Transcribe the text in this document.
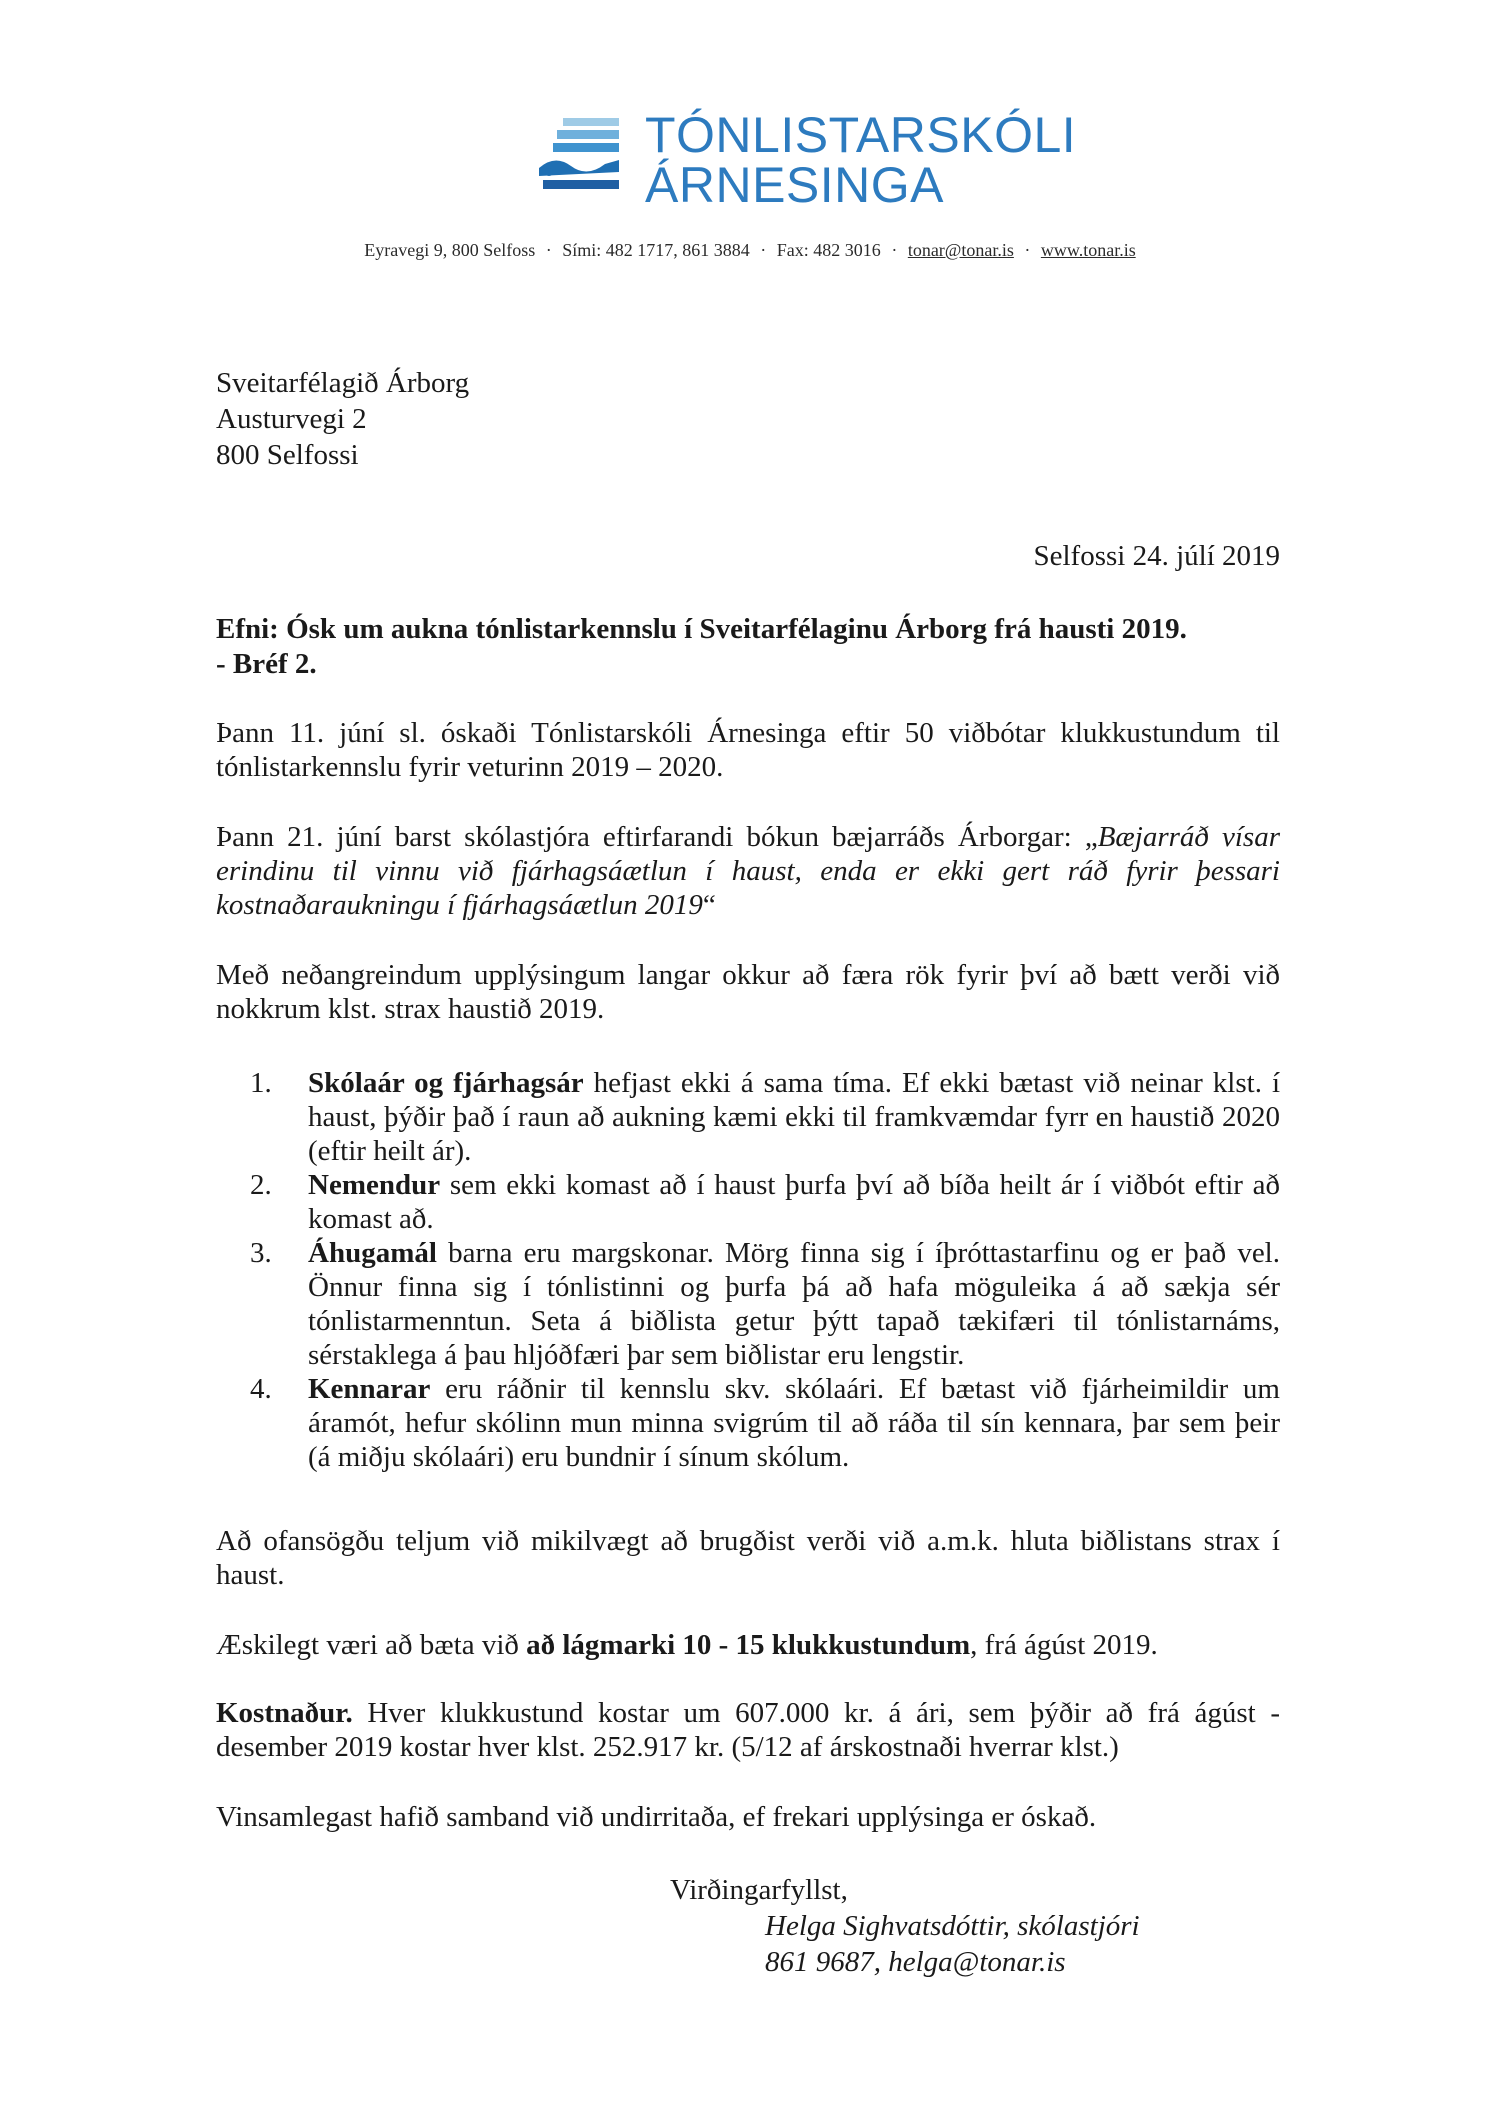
TÓNLISTARSKÓLI
ÁRNESINGA
Eyravegi 9, 800 Selfoss · Sími: 482 1717, 861 3884 · Fax: 482 3016 · tonar@tonar.is · www.tonar.is
Sveitarfélagið Árborg
Austurvegi 2
800 Selfossi
Selfossi 24. júlí 2019
Efni: Ósk um aukna tónlistarkennslu í Sveitarfélaginu Árborg frá hausti 2019.
- Bréf 2.

Þann 11. júní sl. óskaði Tónlistarskóli Árnesinga eftir 50 viðbótar klukkustundum til tónlistarkennslu fyrir veturinn 2019 – 2020.

Þann 21. júní barst skólastjóra eftirfarandi bókun bæjarráðs Árborgar: „Bæjarráð vísar erindinu til vinnu við fjárhagsáætlun í haust, enda er ekki gert ráð fyrir þessari kostnaðaraukningu í fjárhagsáætlun 2019“

Með neðangreindum upplýsingum langar okkur að færa rök fyrir því að bætt verði við nokkrum klst. strax haustið 2019.

1. Skólaár og fjárhagsár hefjast ekki á sama tíma. Ef ekki bætast við neinar klst. í haust, þýðir það í raun að aukning kæmi ekki til framkvæmdar fyrr en haustið 2020 (eftir heilt ár).
2. Nemendur sem ekki komast að í haust þurfa því að bíða heilt ár í viðbót eftir að komast að.
3. Áhugamál barna eru margskonar. Mörg finna sig í íþróttastarfinu og er það vel. Önnur finna sig í tónlistinni og þurfa þá að hafa möguleika á að sækja sér tónlistarmenntun. Seta á biðlista getur þýtt tapað tækifæri til tónlistarnáms, sérstaklega á þau hljóðfæri þar sem biðlistar eru lengstir.
4. Kennarar eru ráðnir til kennslu skv. skólaári. Ef bætast við fjárheimildir um áramót, hefur skólinn mun minna svigrúm til að ráða til sín kennara, þar sem þeir (á miðju skólaári) eru bundnir í sínum skólum.

Að ofansögðu teljum við mikilvægt að brugðist verði við a.m.k. hluta biðlistans strax í haust.

Æskilegt væri að bæta við að lágmarki 10 - 15 klukkustundum, frá ágúst 2019.

Kostnaður. Hver klukkustund kostar um 607.000 kr. á ári, sem þýðir að frá ágúst - desember 2019 kostar hver klst. 252.917 kr. (5/12 af árskostnaði hverrar klst.)

Vinsamlegast hafið samband við undirritaða, ef frekari upplýsinga er óskað.

Virðingarfyllst,
Helga Sighvatsdóttir, skólastjóri
861 9687, helga@tonar.is
